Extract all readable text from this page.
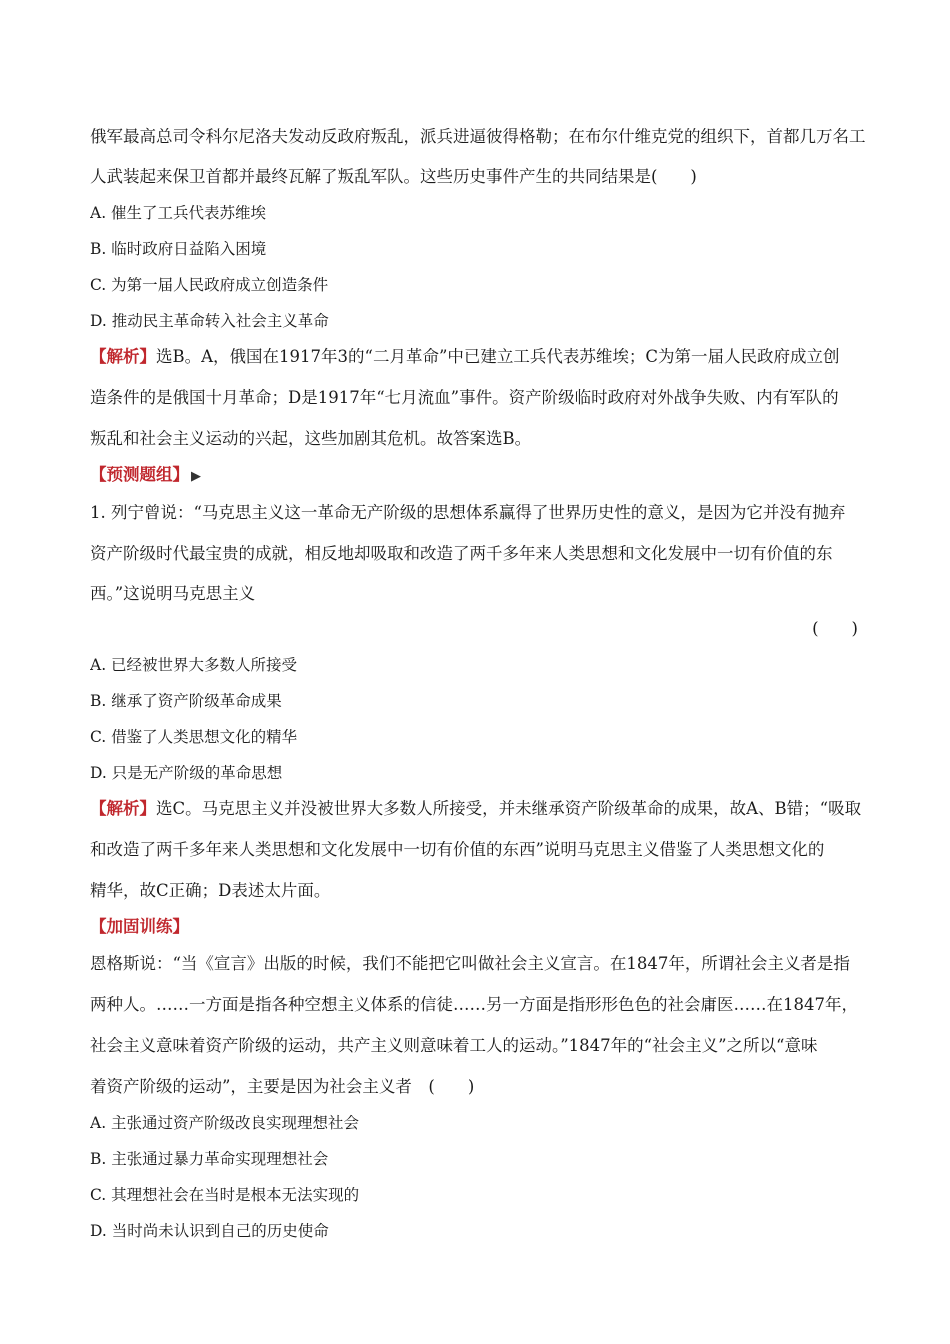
俄军最高总司令科尔尼洛夫发动反政府叛乱，派兵进逼彼得格勒；在布尔什维克党的组织下，首都几万名工
人武装起来保卫首都并最终瓦解了叛乱军队。这些历史事件产生的共同结果是(　　)
A. 催生了工兵代表苏维埃
B. 临时政府日益陷入困境
C. 为第一届人民政府成立创造条件
D. 推动民主革命转入社会主义革命
【解析】选B。A，俄国在1917年3的“二月革命”中已建立工兵代表苏维埃；C为第一届人民政府成立创
造条件的是俄国十月革命；D是1917年“七月流血”事件。资产阶级临时政府对外战争失败、内有军队的
叛乱和社会主义运动的兴起，这些加剧其危机。故答案选B。
【预测题组】 ▶
1. 列宁曾说：“马克思主义这一革命无产阶级的思想体系赢得了世界历史性的意义，是因为它并没有抛弃
资产阶级时代最宝贵的成就，相反地却吸取和改造了两千多年来人类思想和文化发展中一切有价值的东
西。”这说明马克思主义
(　　)
A. 已经被世界大多数人所接受
B. 继承了资产阶级革命成果
C. 借鉴了人类思想文化的精华
D. 只是无产阶级的革命思想
【解析】选C。马克思主义并没被世界大多数人所接受，并未继承资产阶级革命的成果，故A、B错；“吸取
和改造了两千多年来人类思想和文化发展中一切有价值的东西”说明马克思主义借鉴了人类思想文化的
精华，故C正确；D表述太片面。
【加固训练】
恩格斯说：“当《宣言》出版的时候，我们不能把它叫做社会主义宣言。在1847年，所谓社会主义者是指
两种人。……一方面是指各种空想主义体系的信徒……另一方面是指形形色色的社会庸医……在1847年，
社会主义意味着资产阶级的运动，共产主义则意味着工人的运动。”1847年的“社会主义”之所以“意味
着资产阶级的运动”，主要是因为社会主义者　(　　)
A. 主张通过资产阶级改良实现理想社会
B. 主张通过暴力革命实现理想社会
C. 其理想社会在当时是根本无法实现的
D. 当时尚未认识到自己的历史使命
